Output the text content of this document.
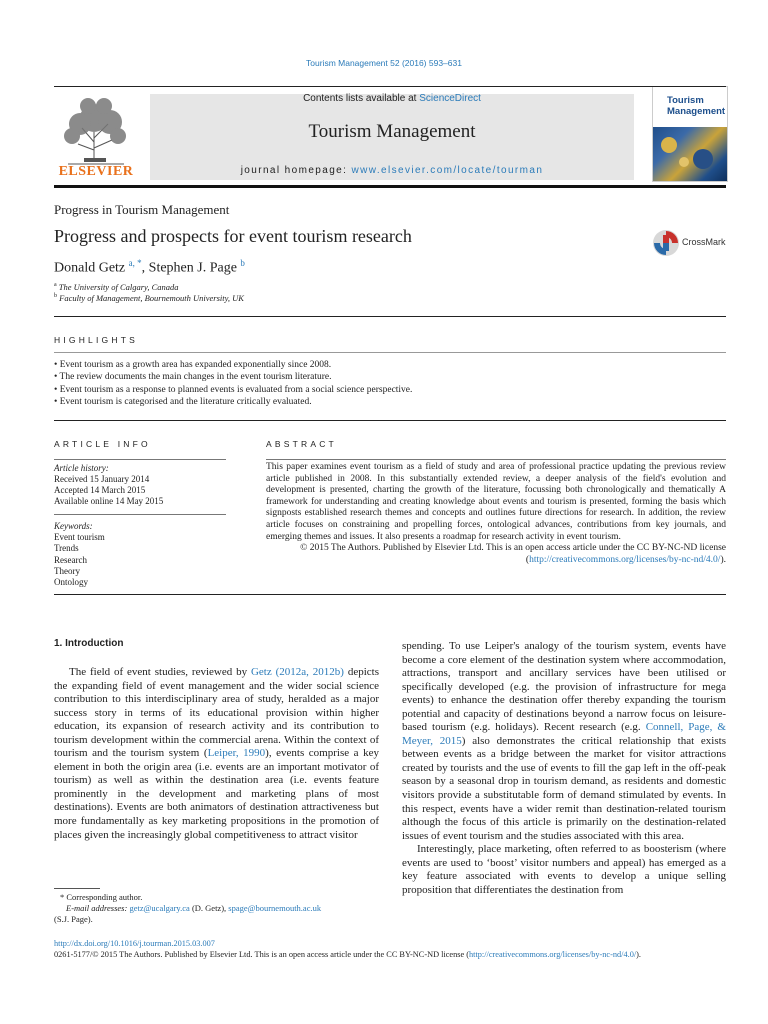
Tourism Management 52 (2016) 593–631
ELSEVIER
Contents lists available at ScienceDirect
Tourism Management
journal homepage: www.elsevier.com/locate/tourman
Tourism
Management
Progress in Tourism Management
Progress and prospects for event tourism research
Donald Getz $^{a, *}$, Stephen J. Page $^b$
$^a$ The University of Calgary, Canada
$^b$ Faculty of Management, Bournemouth University, UK
CrossMark
HIGHLIGHTS
• Event tourism as a growth area has expanded exponentially since 2008.
• The review documents the main changes in the event tourism literature.
• Event tourism as a response to planned events is evaluated from a social science perspective.
• Event tourism is categorised and the literature critically evaluated.
ARTICLE INFO
Article history:
Received 15 January 2014
Accepted 14 March 2015
Available online 14 May 2015
Keywords:
Event tourism
Trends
Research
Theory
Ontology
ABSTRACT

This paper examines event tourism as a field of study and area of professional practice updating the previous review article published in 2008. In this substantially extended review, a deeper analysis of the field's evolution and development is presented, charting the growth of the literature, focussing both chronologically and thematically A framework for understanding and creating knowledge about events and tourism is presented, forming the basis which signposts established research themes and concepts and outlines future directions for research. In addition, the review article focuses on constraining and propelling forces, ontological advances, contributions from key journals, and emerging themes and issues. It also presents a roadmap for research activity in event tourism.

© 2015 The Authors. Published by Elsevier Ltd. This is an open access article under the CC BY-NC-ND license (http://creativecommons.org/licenses/by-nc-nd/4.0/).

1. Introduction

The field of event studies, reviewed by Getz (2012a, 2012b) depicts the expanding field of event management and the wider social science contribution to this interdisciplinary area of study, heralded as a major success story in terms of its educational provision within higher education, its expansion of research activity and its contribution to tourism development within the commercial arena. Within the context of tourism and the tourism system (Leiper, 1990), events comprise a key element in both the origin area (i.e. events are an important motivator of tourism) as well as within the destination area (i.e. events feature prominently in the development and marketing plans of most destinations). Events are both animators of destination attractiveness but more fundamentally as key marketing propositions in the promotion of places given the increasingly global competitiveness to attract visitor

spending. To use Leiper's analogy of the tourism system, events have become a core element of the destination system where accommodation, attractions, transport and ancillary services have been utilised or specifically developed (e.g. the provision of infrastructure for mega events) to enhance the destination offer thereby expanding the tourism potential and capacity of destinations beyond a narrow focus on leisure-based tourism (e.g. holidays). Recent research (e.g. Connell, Page, & Meyer, 2015) also demonstrates the critical relationship that exists between events as a bridge between the market for visitor attractions created by tourists and the use of events to fill the gap left in the off-peak season by a seasonal drop in tourism demand, as residents and domestic visitors provide a substitutable form of demand stimulated by events. In this respect, events have a wider remit than destination-related tourism although the focus of this article is primarily on the destination-related issues of event tourism and the studies associated with this area.

Interestingly, place marketing, often referred to as boosterism (where events are used to ‘boost’ visitor numbers and appeal) has emerged as a key feature associated with events to develop a unique selling proposition that differentiates the destination from

* Corresponding author.
E-mail addresses: getz@ucalgary.ca (D. Getz), spage@bournemouth.ac.uk
(S.J. Page).
http://dx.doi.org/10.1016/j.tourman.2015.03.007
0261-5177/© 2015 The Authors. Published by Elsevier Ltd. This is an open access article under the CC BY-NC-ND license (http://creativecommons.org/licenses/by-nc-nd/4.0/).
